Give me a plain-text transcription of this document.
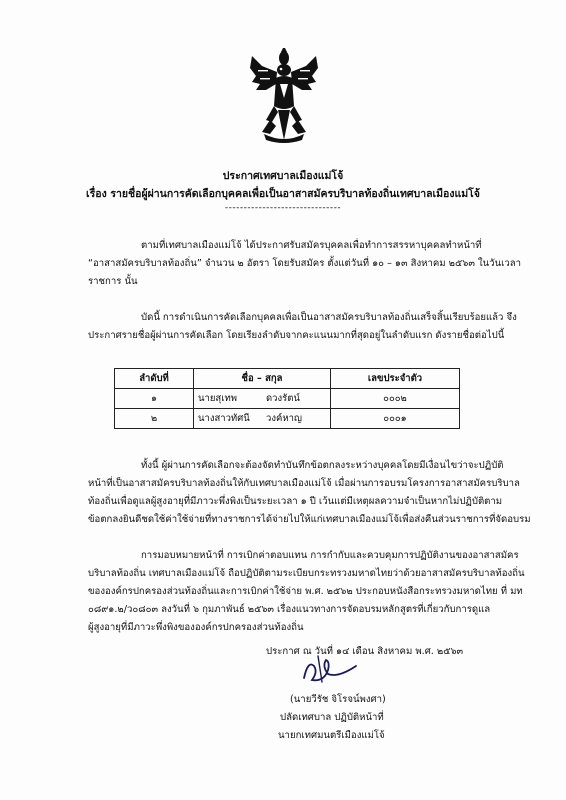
ประกาศเทศบาลเมืองแม่โจ้
เรื่อง รายชื่อผู้ผ่านการคัดเลือกบุคคลเพื่อเป็นอาสาสมัครบริบาลท้องถิ่นเทศบาลเมืองแม่โจ้
-------------------------------
ตามที่เทศบาลเมืองแม่โจ้ ได้ประกาศรับสมัครบุคคลเพื่อทำการสรรหาบุคคลทำหน้าที่
“อาสาสมัครบริบาลท้องถิ่น” จำนวน ๒ อัตรา โดยรับสมัคร ตั้งแต่วันที่ ๑๐ – ๑๓ สิงหาคม ๒๕๖๓ ในวันเวลา
ราชการ นั้น
บัดนี้ การดำเนินการคัดเลือกบุคคลเพื่อเป็นอาสาสมัครบริบาลท้องถิ่นเสร็จสิ้นเรียบร้อยแล้ว จึง
ประกาศรายชื่อผู้ผ่านการคัดเลือก โดยเรียงลำดับจากคะแนนมากที่สุดอยู่ในลำดับแรก ดังรายชื่อต่อไปนี้
ลำดับที่	ชื่อ – สกุล	เลขประจำตัว
๑	นายสุเทพ ดวงรัตน์	๐๐๐๒
๒	นางสาวทัศนี วงค์หาญ	๐๐๐๑
ทั้งนี้ ผู้ผ่านการคัดเลือกจะต้องจัดทำบันทึกข้อตกลงระหว่างบุคคลโดยมีเงื่อนไขว่าจะปฏิบัติ
หน้าที่เป็นอาสาสมัครบริบาลท้องถิ่นให้กับเทศบาลเมืองแม่โจ้ เมื่อผ่านการอบรมโครงการอาสาสมัครบริบาล
ท้องถิ่นเพื่อดูแลผู้สูงอายุที่มีภาวะพึ่งพิงเป็นระยะเวลา ๑ ปี เว้นแต่มีเหตุผลความจำเป็นหากไม่ปฏิบัติตาม
ข้อตกลงยินดีชดใช้ค่าใช้จ่ายที่ทางราชการได้จ่ายไปให้แก่เทศบาลเมืองแม่โจ้เพื่อส่งคืนส่วนราชการที่จัดอบรม
การมอบหมายหน้าที่ การเบิกค่าตอบแทน การกำกับและควบคุมการปฏิบัติงานของอาสาสมัคร
บริบาลท้องถิ่น เทศบาลเมืองแม่โจ้ ถือปฏิบัติตามระเบียบกระทรวงมหาดไทยว่าด้วยอาสาสมัครบริบาลท้องถิ่น
ขององค์กรปกครองส่วนท้องถิ่นและการเบิกค่าใช้จ่าย พ.ศ. ๒๕๖๒ ประกอบหนังสือกระทรวงมหาดไทย ที่ มท
๐๘๙๑.๒/ว๐๘๐๓ ลงวันที่ ๖ กุมภาพันธ์ ๒๕๖๓ เรื่องแนวทางการจัดอบรมหลักสูตรที่เกี่ยวกับการดูแล
ผู้สูงอายุที่มีภาวะพึ่งพิงขององค์กรปกครองส่วนท้องถิ่น
ประกาศ ณ วันที่ ๑๔ เดือน สิงหาคม พ.ศ. ๒๕๖๓
(นายวีรัช จิโรจน์พงศา)
ปลัดเทศบาล ปฏิบัติหน้าที่
นายกเทศมนตรีเมืองแม่โจ้
